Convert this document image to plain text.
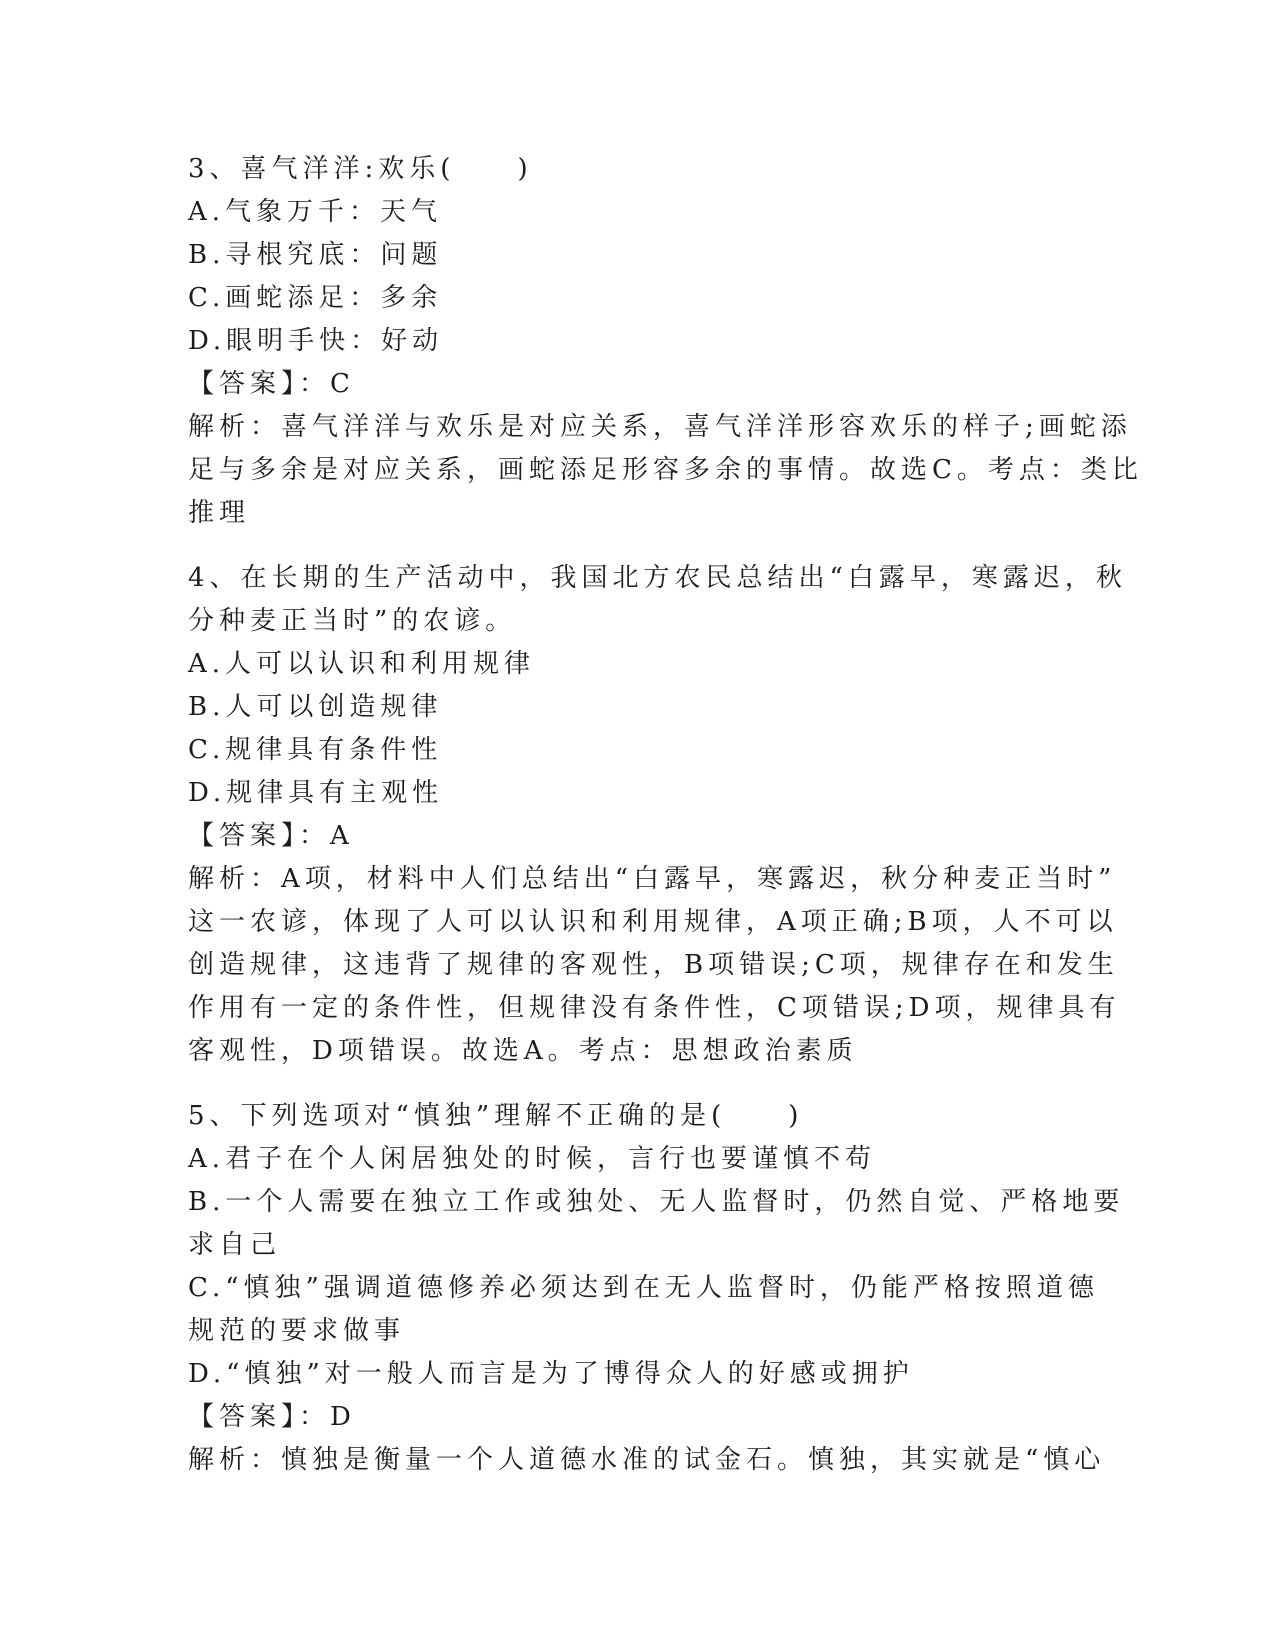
3、喜气洋洋:欢乐(　　)
A.气象万千：天气
B.寻根究底：问题
C.画蛇添足：多余
D.眼明手快：好动
【答案】：C
解析：喜气洋洋与欢乐是对应关系，喜气洋洋形容欢乐的样子;画蛇添
足与多余是对应关系，画蛇添足形容多余的事情。故选C。考点：类比
推理
4、在长期的生产活动中，我国北方农民总结出“白露早，寒露迟，秋
分种麦正当时”的农谚。
A.人可以认识和利用规律
B.人可以创造规律
C.规律具有条件性
D.规律具有主观性
【答案】：A
解析：A项，材料中人们总结出“白露早，寒露迟，秋分种麦正当时”
这一农谚，体现了人可以认识和利用规律，A项正确;B项，人不可以
创造规律，这违背了规律的客观性，B项错误;C项，规律存在和发生
作用有一定的条件性，但规律没有条件性，C项错误;D项，规律具有
客观性，D项错误。故选A。考点：思想政治素质
5、下列选项对“慎独”理解不正确的是(　　)
A.君子在个人闲居独处的时候，言行也要谨慎不苟
B.一个人需要在独立工作或独处、无人监督时，仍然自觉、严格地要
求自己
C.“慎独”强调道德修养必须达到在无人监督时，仍能严格按照道德
规范的要求做事
D.“慎独”对一般人而言是为了博得众人的好感或拥护
【答案】：D
解析：慎独是衡量一个人道德水准的试金石。慎独，其实就是“慎心
